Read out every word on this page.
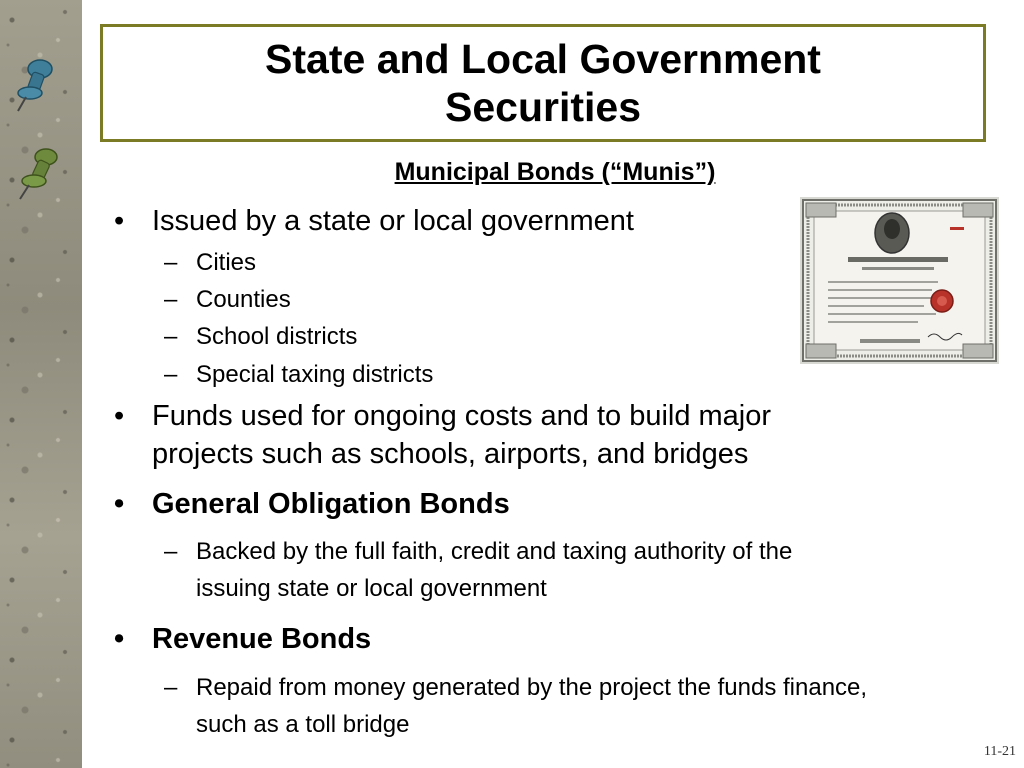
State and Local Government
Securities
Municipal Bonds (“Munis”)
• Issued by a state or local government
– Cities
– Counties
– School districts
– Special taxing districts
• Funds used for ongoing costs and to build major
projects such as schools, airports, and bridges
• General Obligation Bonds
– Backed by the full faith, credit and taxing authority of the
issuing state or local government
• Revenue Bonds
– Repaid from money generated by the project the funds finance,
such as a toll bridge
11-21
